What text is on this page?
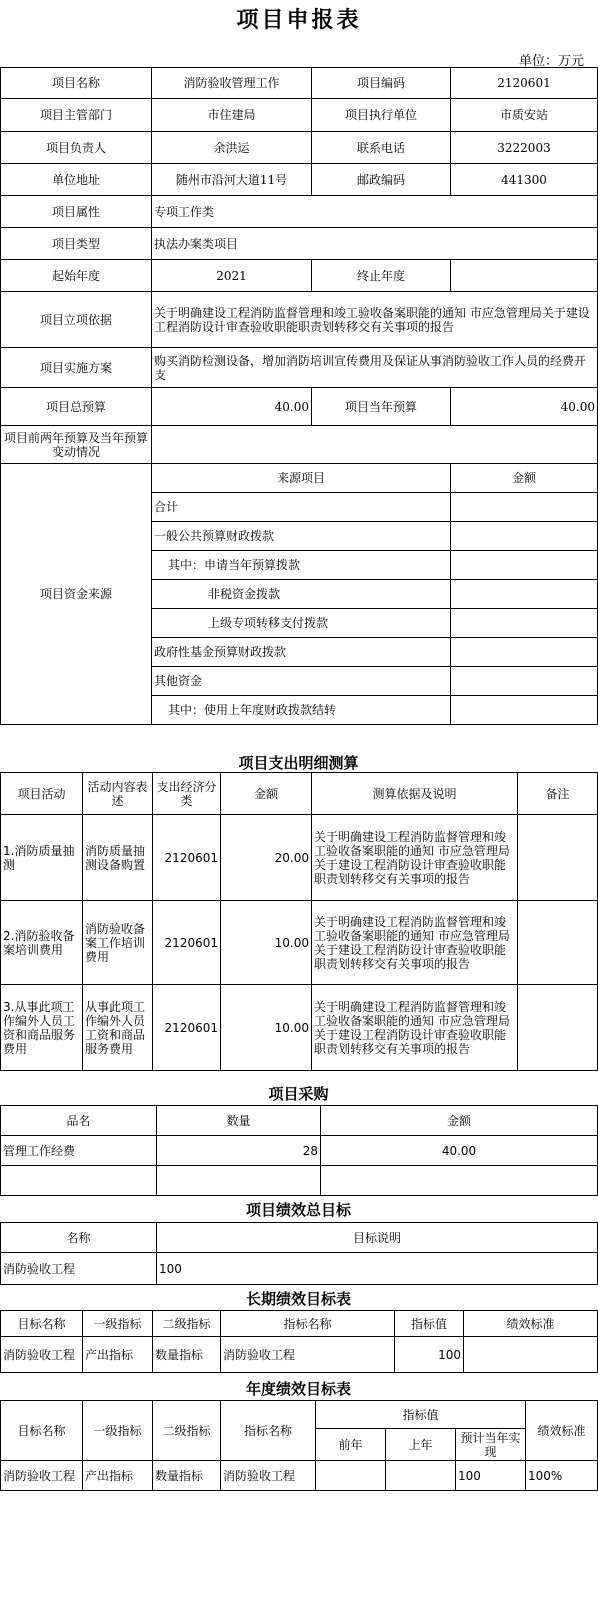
项目申报表
单位：万元
项目名称	消防验收管理工作	项目编码	2120601
项目主管部门	市住建局	项目执行单位	市质安站
项目负责人	余洪运	联系电话	3222003
单位地址	随州市沿河大道11号	邮政编码	441300
项目属性	专项工作类		
项目类型	执法办案类项目		
起始年度	2021	终止年度	
项目立项依据	关于明确建设工程消防监督管理和竣工验收备案职能的通知 市应急管理局关于建设工程消防设计审查验收职能职责划转移交有关事项的报告		
项目实施方案	购买消防检测设备，增加消防培训宣传费用及保证从事消防验收工作人员的经费开支		
项目总预算	40.00	项目当年预算	40.00
项目前两年预算及当年预算变动情况			
项目资金来源	来源项目		金额
	合计		
	一般公共预算财政拨款		
	其中：申请当年预算拨款		
	非税资金拨款		
	上级专项转移支付拨款		
	政府性基金预算财政拨款		
	其他资金		
	其中：使用上年度财政拨款结转		
项目支出明细测算
项目活动	活动内容表述	支出经济分类	金额	测算依据及说明	备注
1.消防质量抽测	消防质量抽测设备购置	2120601	20.00	关于明确建设工程消防监督管理和竣工验收备案职能的通知 市应急管理局关于建设工程消防设计审查验收职能职责划转移交有关事项的报告	
2.消防验收备案培训费用	消防验收备案工作培训费用	2120601	10.00	关于明确建设工程消防监督管理和竣工验收备案职能的通知 市应急管理局关于建设工程消防设计审查验收职能职责划转移交有关事项的报告	
3.从事此项工作编外人员工资和商品服务费用	从事此项工作编外人员工资和商品服务费用	2120601	10.00	关于明确建设工程消防监督管理和竣工验收备案职能的通知 市应急管理局关于建设工程消防设计审查验收职能职责划转移交有关事项的报告	
项目采购
品名	数量	金额
管理工作经费	28	40.00

项目绩效总目标
名称	目标说明
消防验收工程	100
长期绩效目标表
目标名称	一级指标	二级指标	指标名称	指标值	绩效标准
消防验收工程	产出指标	数量指标	消防验收工程	100	
年度绩效目标表
目标名称	一级指标	二级指标	指标名称	指标值			绩效标准
				前年	上年	预计当年实现	
消防验收工程	产出指标	数量指标	消防验收工程			100	100%
